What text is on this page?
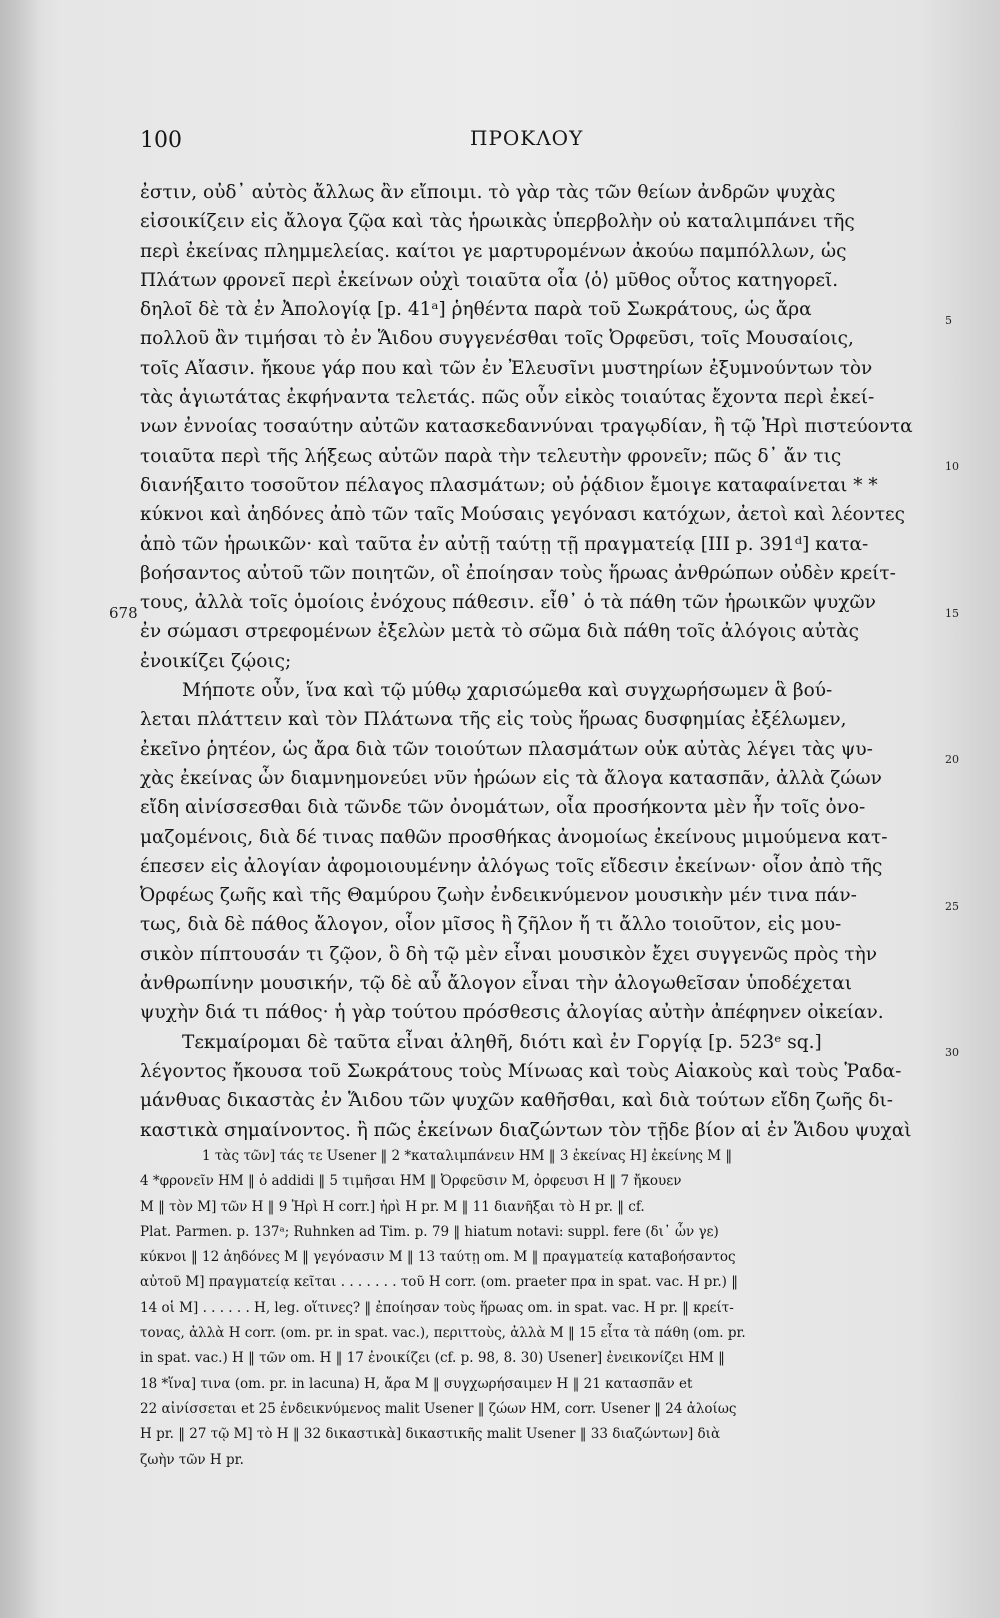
100	ΠΡΟΚΛΟΥ
ἐστιν, οὐδ᾽ αὐτὸς ἄλλως ἂν εἴποιμι. τὸ γὰρ τὰς τῶν θείων ἀνδρῶν ψυχὰς
εἰσοικίζειν εἰς ἄλογα ζῷα καὶ τὰς ἡρωικὰς ὑπερβολὴν οὐ καταλιμπάνει τῆς
περὶ ἐκείνας πλημμελείας. καίτοι γε μαρτυρομένων ἀκούω παμπόλλων, ὡς
Πλάτων φρονεῖ περὶ ἐκείνων οὐχὶ τοιαῦτα οἷα ⟨ὁ⟩ μῦθος οὗτος κατηγορεῖ.
δηλοῖ δὲ τὰ ἐν Ἀπολογίᾳ [p. 41ᵃ] ῥηθέντα παρὰ τοῦ Σωκράτους, ὡς ἄρα
πολλοῦ ἂν τιμήσαι τὸ ἐν Ἅιδου συγγενέσθαι τοῖς Ὀρφεῦσι, τοῖς Μουσαίοις,
τοῖς Αἴασιν. ἤκουε γάρ που καὶ τῶν ἐν Ἐλευσῖνι μυστηρίων ἐξυμνούντων τὸν
τὰς ἁγιωτάτας ἐκφήναντα τελετάς. πῶς οὖν εἰκὸς τοιαύτας ἔχοντα περὶ ἐκεί-
νων ἐννοίας τοσαύτην αὐτῶν κατασκεδαννύναι τραγῳδίαν, ἢ τῷ Ἠρὶ πιστεύοντα
τοιαῦτα περὶ τῆς λήξεως αὐτῶν παρὰ τὴν τελευτὴν φρονεῖν; πῶς δ᾽ ἄν τις
διανήξαιτο τοσοῦτον πέλαγος πλασμάτων; οὐ ῥᾴδιον ἔμοιγε καταφαίνεται * *
κύκνοι καὶ ἀηδόνες ἀπὸ τῶν ταῖς Μούσαις γεγόνασι κατόχων, ἀετοὶ καὶ λέοντες
ἀπὸ τῶν ἡρωικῶν· καὶ ταῦτα ἐν αὐτῇ ταύτῃ τῇ πραγματείᾳ [III p. 391ᵈ] κατα-
βοήσαντος αὐτοῦ τῶν ποιητῶν, οἳ ἐποίησαν τοὺς ἥρωας ἀνθρώπων οὐδὲν κρείτ-
τους, ἀλλὰ τοῖς ὁμοίοις ἐνόχους πάθεσιν. εἶθ᾽ ὁ τὰ πάθη τῶν ἡρωικῶν ψυχῶν
ἐν σώμασι στρεφομένων ἐξελὼν μετὰ τὸ σῶμα διὰ πάθη τοῖς ἀλόγοις αὐτὰς
ἐνοικίζει ζῴοις;
Μήποτε οὖν, ἵνα καὶ τῷ μύθῳ χαρισώμεθα καὶ συγχωρήσωμεν ἃ βού-
λεται πλάττειν καὶ τὸν Πλάτωνα τῆς εἰς τοὺς ἥρωας δυσφημίας ἐξέλωμεν,
ἐκεῖνο ῥητέον, ὡς ἄρα διὰ τῶν τοιούτων πλασμάτων οὐκ αὐτὰς λέγει τὰς ψυ-
χὰς ἐκείνας ὧν διαμνημονεύει νῦν ἡρώων εἰς τὰ ἄλογα κατασπᾶν, ἀλλὰ ζώων
εἴδη αἰνίσσεσθαι διὰ τῶνδε τῶν ὀνομάτων, οἷα προσήκοντα μὲν ἦν τοῖς ὀνο-
μαζομένοις, διὰ δέ τινας παθῶν προσθήκας ἀνομοίως ἐκείνους μιμούμενα κατ-
έπεσεν εἰς ἀλογίαν ἀφομοιουμένην ἀλόγως τοῖς εἴδεσιν ἐκείνων· οἷον ἀπὸ τῆς
Ὀρφέως ζωῆς καὶ τῆς Θαμύρου ζωὴν ἐνδεικνύμενον μουσικὴν μέν τινα πάν-
τως, διὰ δὲ πάθος ἄλογον, οἷον μῖσος ἢ ζῆλον ἤ τι ἄλλο τοιοῦτον, εἰς μου-
σικὸν πίπτουσάν τι ζῷον, ὃ δὴ τῷ μὲν εἶναι μουσικὸν ἔχει συγγενῶς πρὸς τὴν
ἀνθρωπίνην μουσικήν, τῷ δὲ αὖ ἄλογον εἶναι τὴν ἀλογωθεῖσαν ὑποδέχεται
ψυχὴν διά τι πάθος· ἡ γὰρ τούτου πρόσθεσις ἀλογίας αὐτὴν ἀπέφηνεν οἰκείαν.
Τεκμαίρομαι δὲ ταῦτα εἶναι ἀληθῆ, διότι καὶ ἐν Γοργίᾳ [p. 523ᵉ sq.]
λέγοντος ἤκουσα τοῦ Σωκράτους τοὺς Μίνωας καὶ τοὺς Αἰακοὺς καὶ τοὺς Ῥαδα-
μάνθυας δικαστὰς ἐν Ἅιδου τῶν ψυχῶν καθῆσθαι, καὶ διὰ τούτων εἴδη ζωῆς δι-
καστικὰ σημαίνοντος. ἢ πῶς ἐκείνων διαζώντων τὸν τῇδε βίον αἱ ἐν Ἅιδου ψυχαὶ
5
10
15
20
25
30
678
1 τὰς τῶν] τάς τε Usener ‖ 2 *καταλιμπάνειν HM ‖ 3 ἐκείνας H] ἐκείνης M ‖
4 *φρονεῖν HM ‖ ὁ addidi ‖ 5 τιμῆσαι HM ‖ Ὀρφεῦσιν M, ὀρφευσι H ‖ 7 ἤκουεν
M ‖ τὸν M] τῶν H ‖ 9 Ἠρὶ H corr.] ἠρὶ H pr. M ‖ 11 διανῆξαι τὸ H pr. ‖ cf.
Plat. Parmen. p. 137ᵃ; Ruhnken ad Tim. p. 79 ‖ hiatum notavi: suppl. fere (δι᾽ ὧν γε)
κύκνοι ‖ 12 ἀηδόνες M ‖ γεγόνασιν M ‖ 13 ταύτῃ om. M ‖ πραγματείᾳ καταβοήσαντος
αὐτοῦ M] πραγματείᾳ κεῖται . . . . . . . τοῦ H corr. (om. praeter πρα in spat. vac. H pr.) ‖
14 οἱ M] . . . . . . H, leg. οἵτινες? ‖ ἐποίησαν τοὺς ἥρωας om. in spat. vac. H pr. ‖ κρείτ-
τονας, ἀλλὰ H corr. (om. pr. in spat. vac.), περιττοὺς, ἀλλὰ M ‖ 15 εἶτα τὰ πάθη (om. pr.
in spat. vac.) H ‖ τῶν om. H ‖ 17 ἐνοικίζει (cf. p. 98, 8. 30) Usener] ἐνεικονίζει HM ‖
18 *ἵνα] τινα (om. pr. in lacuna) H, ἄρα M ‖ συγχωρήσαιμεν H ‖ 21 κατασπᾶν et
22 αἰνίσσεται et 25 ἐνδεικνύμενος malit Usener ‖ ζώων HM, corr. Usener ‖ 24 ἀλοίως
H pr. ‖ 27 τῷ M] τὸ H ‖ 32 δικαστικὰ] δικαστικῆς malit Usener ‖ 33 διαζώντων] διὰ
ζωὴν τῶν H pr.
